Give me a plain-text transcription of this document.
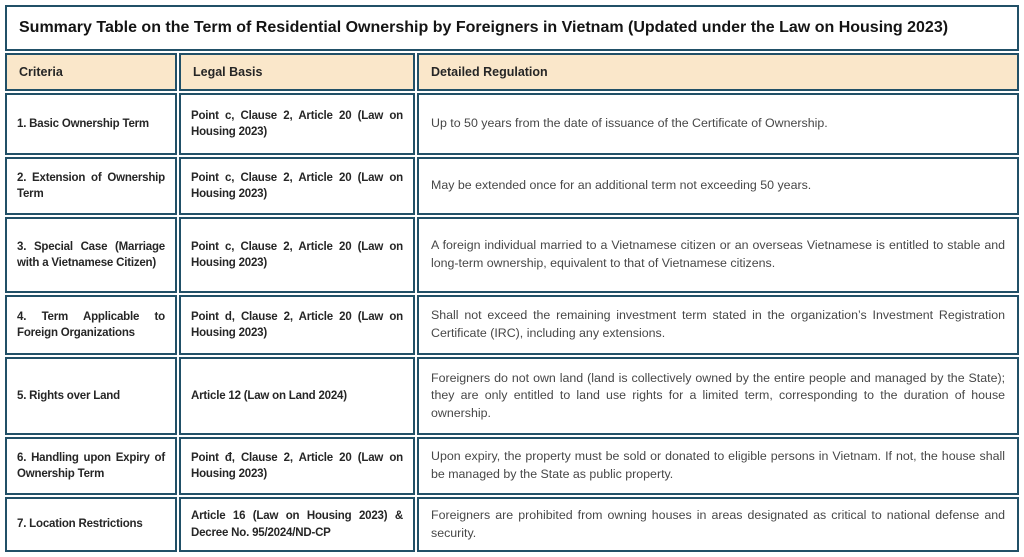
Summary Table on the Term of Residential Ownership by Foreigners in Vietnam (Updated under the Law on Housing 2023)		
Criteria	Legal Basis	Detailed Regulation
1. Basic Ownership Term	Point c, Clause 2, Article 20 (Law on Housing 2023)	Up to 50 years from the date of issuance of the Certificate of Ownership.
2. Extension of Ownership Term	Point c, Clause 2, Article 20 (Law on Housing 2023)	May be extended once for an additional term not exceeding 50 years.
3. Special Case (Marriage with a Vietnamese Citizen)	Point c, Clause 2, Article 20 (Law on Housing 2023)	A foreign individual married to a Vietnamese citizen or an overseas Vietnamese is entitled to stable and long-term ownership, equivalent to that of Vietnamese citizens.
4. Term Applicable to Foreign Organizations	Point d, Clause 2, Article 20 (Law on Housing 2023)	Shall not exceed the remaining investment term stated in the organization’s Investment Registration Certificate (IRC), including any extensions.
5. Rights over Land	Article 12 (Law on Land 2024)	Foreigners do not own land (land is collectively owned by the entire people and managed by the State); they are only entitled to land use rights for a limited term, corresponding to the duration of house ownership.
6. Handling upon Expiry of Ownership Term	Point đ, Clause 2, Article 20 (Law on Housing 2023)	Upon expiry, the property must be sold or donated to eligible persons in Vietnam. If not, the house shall be managed by the State as public property.
7. Location Restrictions	Article 16 (Law on Housing 2023) & Decree No. 95/2024/ND-CP	Foreigners are prohibited from owning houses in areas designated as critical to national defense and security.
